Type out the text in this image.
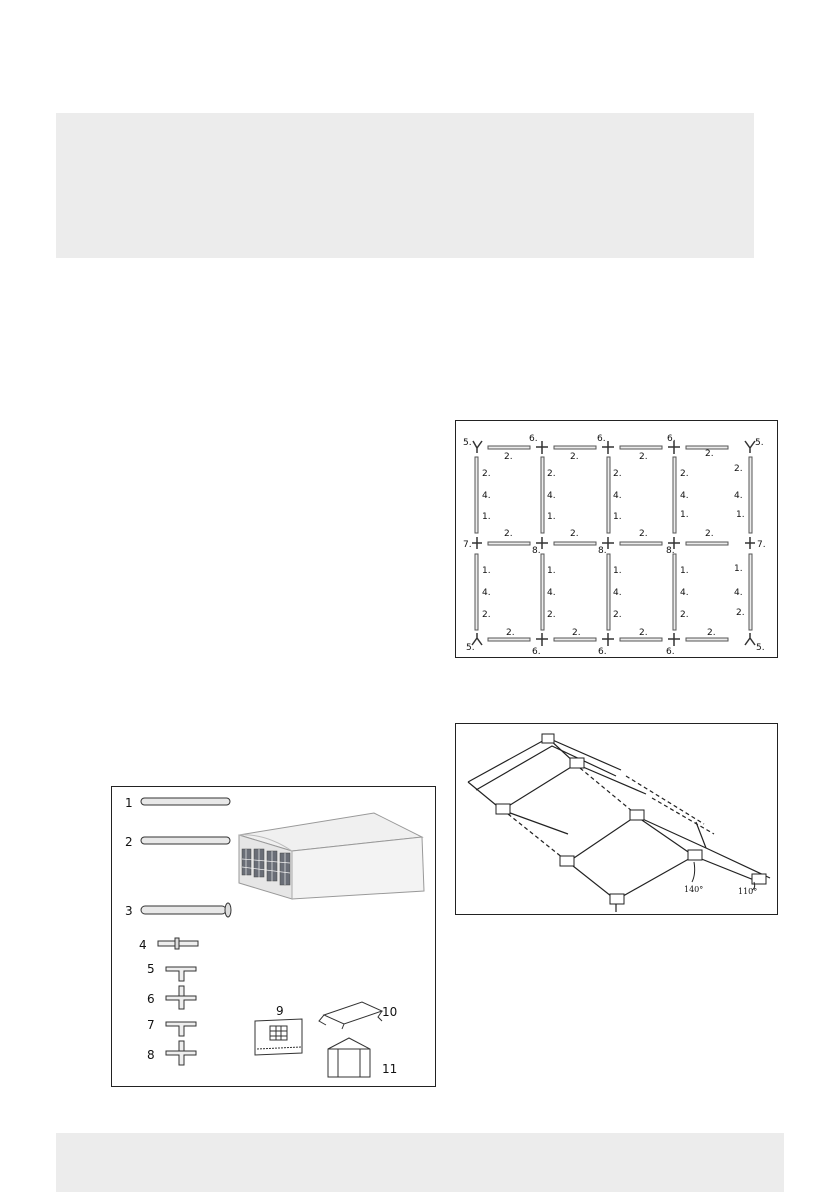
1
2
3
4
5
6
7
8
9	10
11
5.
2.
6.
2.
6.
2.
6.
2.
5.
2.	2.	2.	2.	2.
4.	4.	4.	4.	4.
1.	1.	1.	1.	1.
7.
2.
8.
2.
8.
2.
8.
2.
7.
1.	1.	1.	1.	1.
4.	4.	4.	4.	4.
2.	2.	2.	2.	2.
5.
2.
6.
2.
6.
2.
6.
2.
5.
140°	110°
